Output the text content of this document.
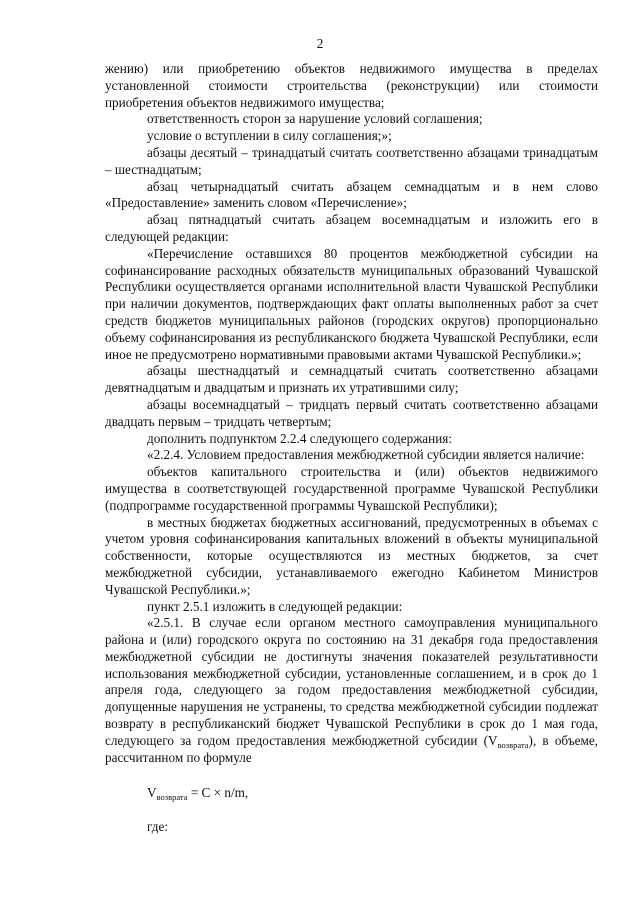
2

жению) или приобретению объектов недвижимого имущества в пределах установленной стоимости строительства (реконструкции) или стоимости приобретения объектов недвижимого имущества;

ответственность сторон за нарушение условий соглашения;

условие о вступлении в силу соглашения;»;

абзацы десятый – тринадцатый считать соответственно абзацами тринадцатым – шестнадцатым;

абзац четырнадцатый считать абзацем семнадцатым и в нем слово «Предоставление» заменить словом «Перечисление»;

абзац пятнадцатый считать абзацем восемнадцатым и изложить его в следующей редакции:

«Перечисление оставшихся 80 процентов межбюджетной субсидии на софинансирование расходных обязательств муниципальных образований Чувашской Республики осуществляется органами исполнительной власти Чувашской Республики при наличии документов, подтверждающих факт оплаты выполненных работ за счет средств бюджетов муниципальных районов (городских округов) пропорционально объему софинансирования из республиканского бюджета Чувашской Республики, если иное не предусмотрено нормативными правовыми актами Чувашской Республики.»;

абзацы шестнадцатый и семнадцатый считать соответственно абзацами девятнадцатым и двадцатым и признать их утратившими силу;

абзацы восемнадцатый – тридцать первый считать соответственно абзацами двадцать первым – тридцать четвертым;

дополнить подпунктом 2.2.4 следующего содержания:

«2.2.4. Условием предоставления межбюджетной субсидии является наличие:

объектов капитального строительства и (или) объектов недвижимого имущества в соответствующей государственной программе Чувашской Республики (подпрограмме государственной программы Чувашской Республики);

в местных бюджетах бюджетных ассигнований, предусмотренных в объемах с учетом уровня софинансирования капитальных вложений в объекты муниципальной собственности, которые осуществляются из местных бюджетов, за счет межбюджетной субсидии, устанавливаемого ежегодно Кабинетом Министров Чувашской Республики.»;

пункт 2.5.1 изложить в следующей редакции:

«2.5.1. В случае если органом местного самоуправления муниципального района и (или) городского округа по состоянию на 31 декабря года предоставления межбюджетной субсидии не достигнуты значения показателей результативности использования межбюджетной субсидии, установленные соглашением, и в срок до 1 апреля года, следующего за годом предоставления межбюджетной субсидии, допущенные нарушения не устранены, то средства межбюджетной субсидии подлежат возврату в республиканский бюджет Чувашской Республики в срок до 1 мая года, следующего за годом предоставления межбюджетной субсидии $(V_{возврата})$, в объеме, рассчитанном по формуле

$V_{возврата} = C \times n/m$,
где:
